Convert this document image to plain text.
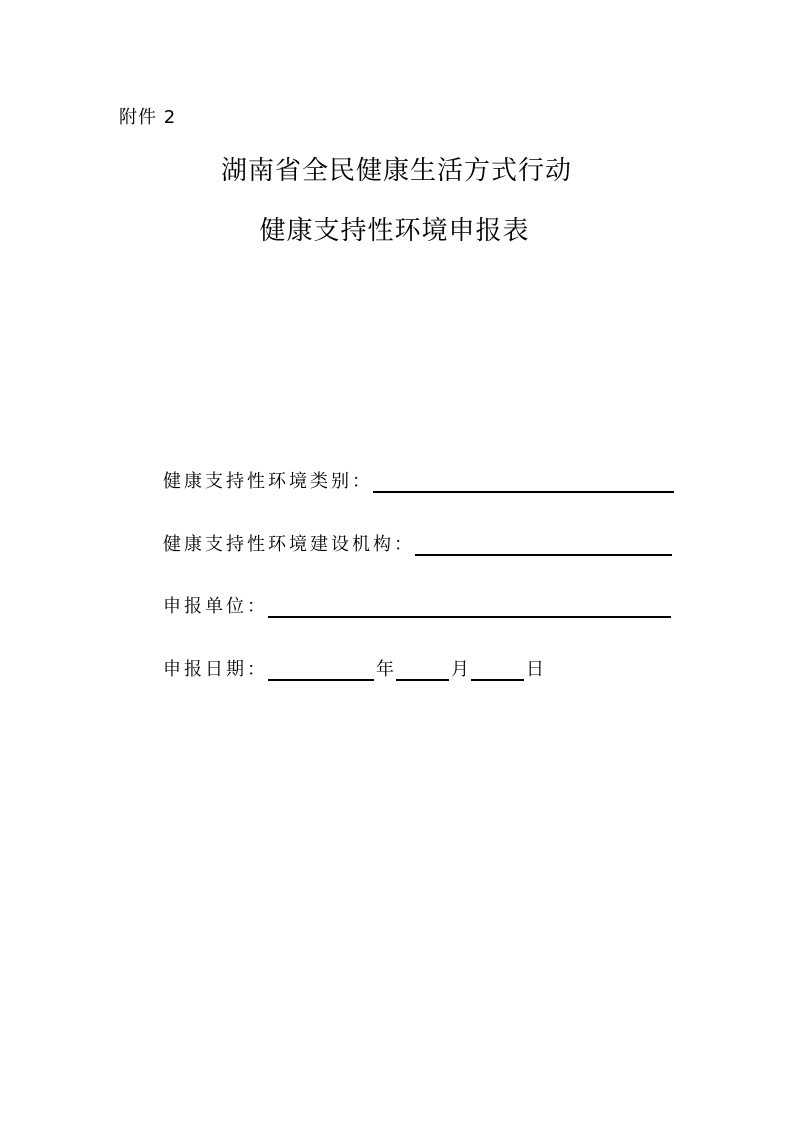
附件 2
湖南省全民健康生活方式行动
健康支持性环境申报表
健康支持性环境类别：
健康支持性环境建设机构：
申报单位：
申报日期：	年	月	日
